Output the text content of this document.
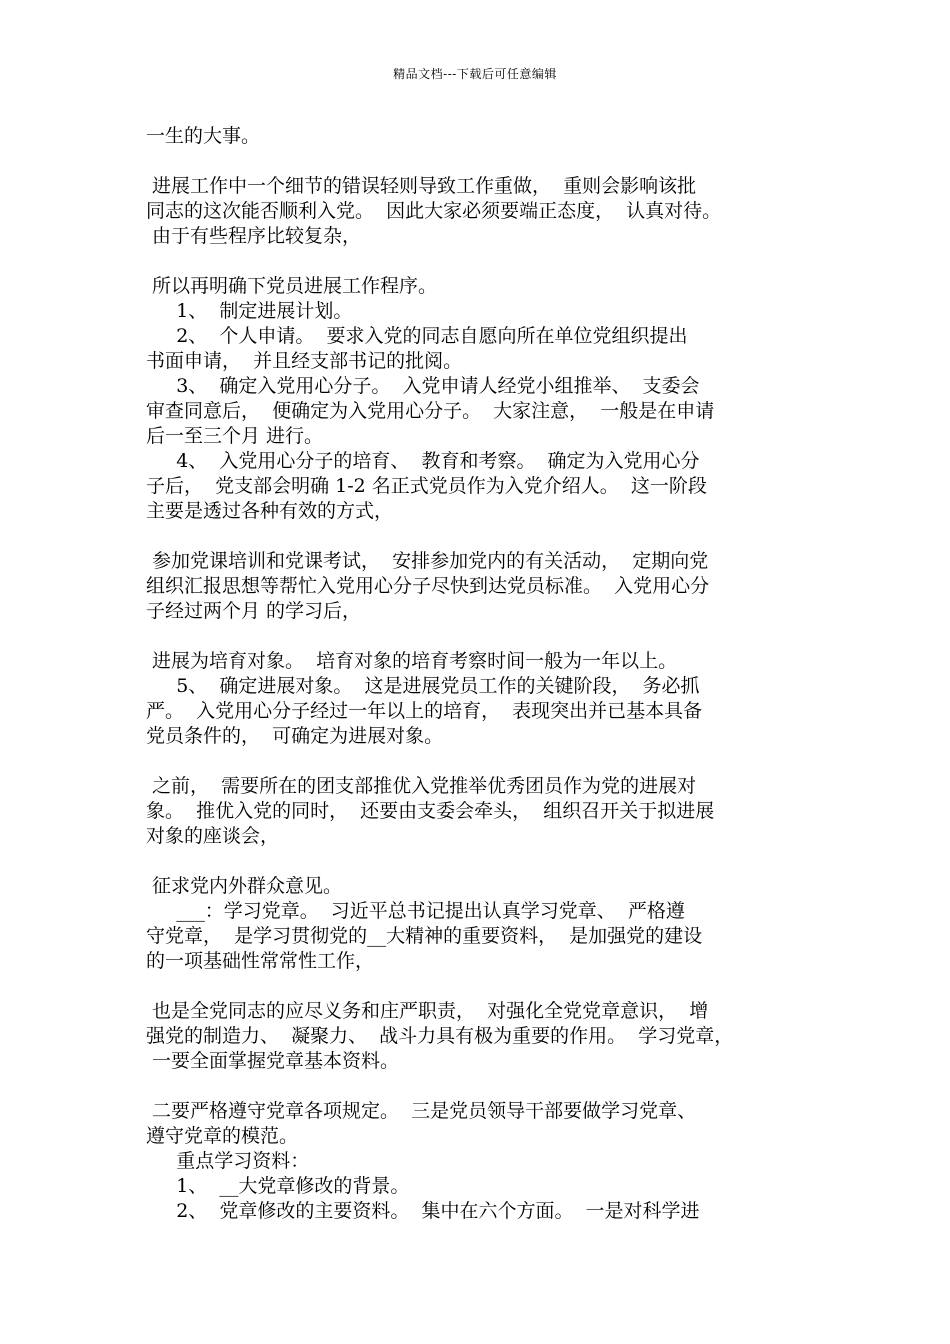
精品文档---下载后可任意编辑
一生的大事。
进展工作中一个细节的错误轻则导致工作重做，  重则会影响该批
同志的这次能否顺利入党。  因此大家必须要端正态度，  认真对待。
由于有些程序比较复杂，
所以再明确下党员进展工作程序。
1、  制定进展计划。
2、  个人申请。  要求入党的同志自愿向所在单位党组织提出
书面申请，  并且经支部书记的批阅。
3、  确定入党用心分子。  入党申请人经党小组推举、  支委会
审查同意后，  便确定为入党用心分子。  大家注意，  一般是在申请
后一至三个月 进行。
4、  入党用心分子的培育、  教育和考察。  确定为入党用心分
子后，  党支部会明确 1-2 名正式党员作为入党介绍人。  这一阶段
主要是透过各种有效的方式，
参加党课培训和党课考试，  安排参加党内的有关活动，  定期向党
组织汇报思想等帮忙入党用心分子尽快到达党员标准。  入党用心分
子经过两个月 的学习后，
进展为培育对象。  培育对象的培育考察时间一般为一年以上。
5、  确定进展对象。  这是进展党员工作的关键阶段，  务必抓
严。  入党用心分子经过一年以上的培育，  表现突出并已基本具备
党员条件的，  可确定为进展对象。
之前，  需要所在的团支部推优入党推举优秀团员作为党的进展对
象。  推优入党的同时，  还要由支委会牵头，  组织召开关于拟进展
对象的座谈会，
征求党内外群众意见。
___：学习党章。  习近平总书记提出认真学习党章、  严格遵
守党章，  是学习贯彻党的__大精神的重要资料，  是加强党的建设
的一项基础性常常性工作，
也是全党同志的应尽义务和庄严职责，  对强化全党党章意识，  增
强党的制造力、  凝聚力、  战斗力具有极为重要的作用。  学习党章，
一要全面掌握党章基本资料。
二要严格遵守党章各项规定。  三是党员领导干部要做学习党章、
遵守党章的模范。
重点学习资料：
1、  __大党章修改的背景。
2、  党章修改的主要资料。  集中在六个方面。  一是对科学进
